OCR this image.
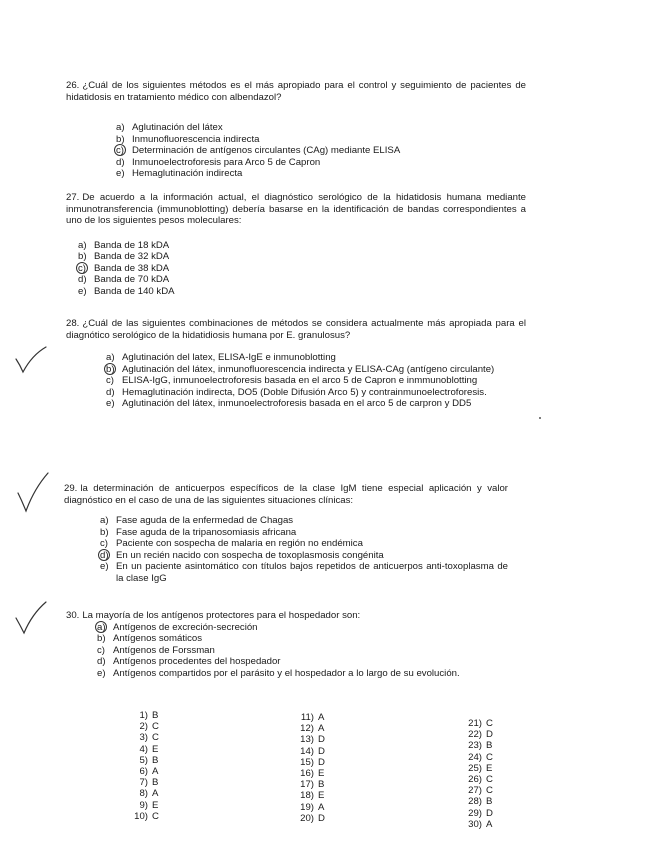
26. ¿Cuál de los siguientes métodos es el más apropiado para el control y seguimiento de pacientes de hidatidosis en tratamiento médico con albendazol?
a) Aglutinación del látex
b) Inmunofluorescencia indirecta
c) Determinación de antígenos circulantes (CAg) mediante ELISA
d) Inmunoelectroforesis para Arco 5 de Capron
e) Hemaglutinación indirecta
27. De acuerdo a la información actual, el diagnóstico serológico de la hidatidosis humana mediante inmunotransferencia (immunoblotting) debería basarse en la identificación de bandas correspondientes a uno de los siguientes pesos moleculares:
a) Banda de 18 kDA
b) Banda de 32 kDA
c) Banda de 38 kDA
d) Banda de 70 kDA
e) Banda de 140 kDA
28. ¿Cuál de las siguientes combinaciones de métodos se considera actualmente más apropiada para el diagnótico serológico de la hidatidiosis humana por E. granulosus?
a) Aglutinación del latex, ELISA-IgE e inmunoblotting
b) Aglutinación del látex, inmunofluorescencia indirecta y ELISA-CAg (antígeno circulante)
c) ELISA-IgG, inmunoelectroforesis basada en el arco 5 de Capron e inmmunoblotting
d) Hemaglutinación indirecta, DO5 (Doble Difusión Arco 5) y contrainmunoelectroforesis.
e) Aglutinación del látex, inmunoelectroforesis basada en el arco 5 de carpron y DD5
29. la determinación de anticuerpos específicos de la clase IgM tiene especial aplicación y valor diagnóstico en el caso de una de las siguientes situaciones clínicas:
a) Fase aguda de la enfermedad de Chagas
b) Fase aguda de la tripanosomiasis africana
c) Paciente con sospecha de malaria en región no endémica
d) En un recién nacido con sospecha de toxoplasmosis congénita
e) En un paciente asintomático con títulos bajos repetidos de anticuerpos anti-toxoplasma de la clase IgG
30. La mayoría de los antígenos protectores para el hospedador son:
a) Antígenos de excreción-secreción
b) Antígenos somáticos
c) Antígenos de Forssman
d) Antígenos procedentes del hospedador
e) Antígenos compartidos por el parásito y el hospedador a lo largo de su evolución.
1) B
2) C
3) C
4) E
5) B
6) A
7) B
8) A
9) E
10) C
11) A
12) A
13) D
14) D
15) D
16) E
17) B
18) E
19) A
20) D
21) C
22) D
23) B
24) C
25) E
26) C
27) C
28) B
29) D
30) A
